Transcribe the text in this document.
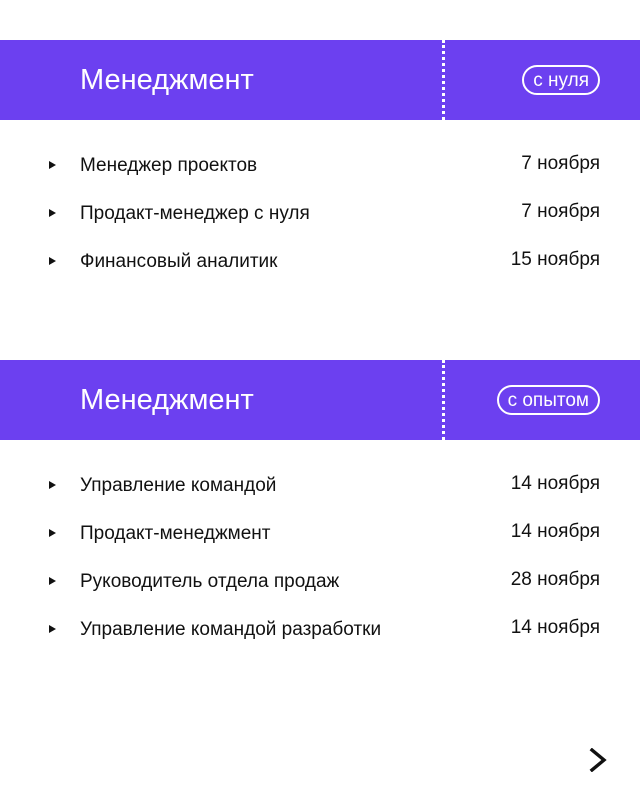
Менеджмент	с нуля
Менеджер проектов	7 ноября
Продакт-менеджер с нуля	7 ноября
Финансовый аналитик	15 ноября
Менеджмент	с опытом
Управление командой	14 ноября
Продакт-менеджмент	14 ноября
Руководитель отдела продаж	28 ноября
Управление командой разработки	14 ноября
